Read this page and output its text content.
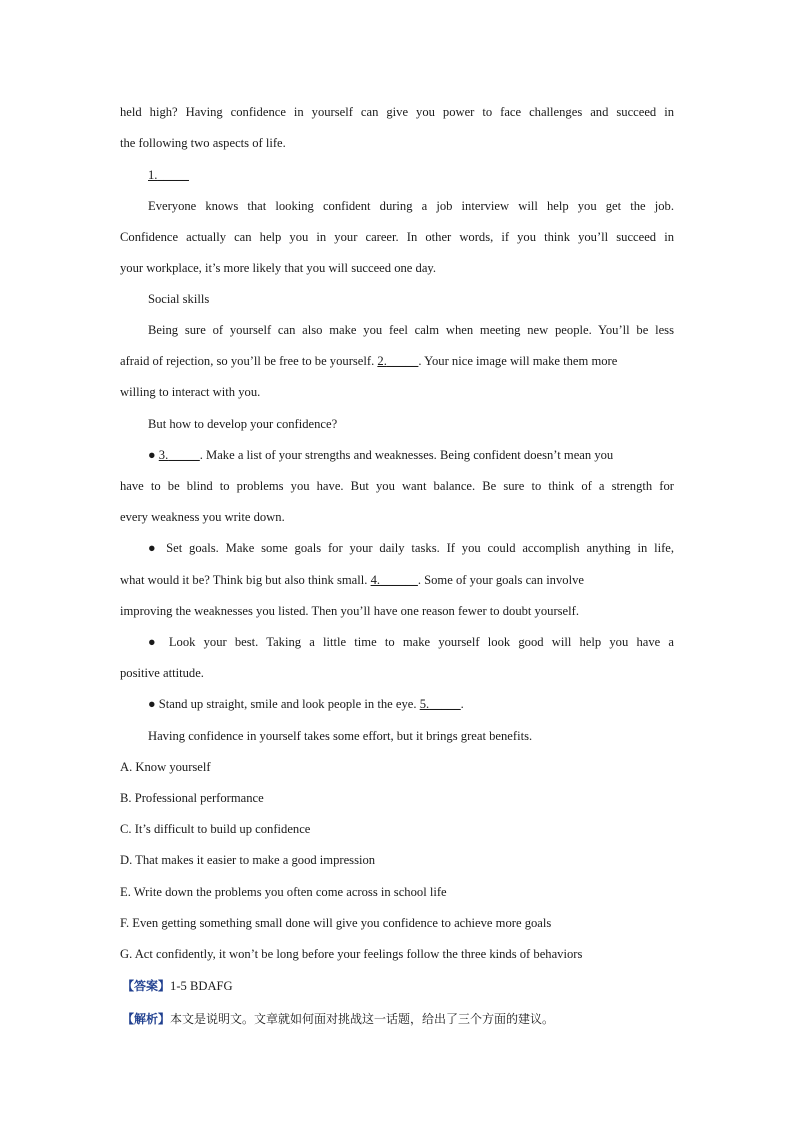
held high? Having confidence in yourself can give you power to face challenges and succeed in

the following two aspects of life.

1._____

Everyone knows that looking confident during a job interview will help you get the job.

Confidence actually can help you in your career. In other words, if you think you’ll succeed in

your workplace, it’s more likely that you will succeed one day.

Social skills

Being sure of yourself can also make you feel calm when meeting new people. You’ll be less

afraid of rejection, so you’ll be free to be yourself. 2._____. Your nice image will make them more

willing to interact with you.

But how to develop your confidence?

● 3._____. Make a list of your strengths and weaknesses. Being confident doesn’t mean you

have to be blind to problems you have. But you want balance. Be sure to think of a strength for

every weakness you write down.

● Set goals. Make some goals for your daily tasks. If you could accomplish anything in life,

what would it be? Think big but also think small. 4.______. Some of your goals can involve

improving the weaknesses you listed. Then you’ll have one reason fewer to doubt yourself.

● Look your best. Taking a little time to make yourself look good will help you have a

positive attitude.

● Stand up straight, smile and look people in the eye. 5._____.

Having confidence in yourself takes some effort, but it brings great benefits.

A. Know yourself

B. Professional performance

C. It’s difficult to build up confidence

D. That makes it easier to make a good impression

E. Write down the problems you often come across in school life

F. Even getting something small done will give you confidence to achieve more goals

G. Act confidently, it won’t be long before your feelings follow the three kinds of behaviors

【答案】1-5 BDAFG

【解析】本文是说明文。文章就如何面对挑战这一话题，给出了三个方面的建议。
